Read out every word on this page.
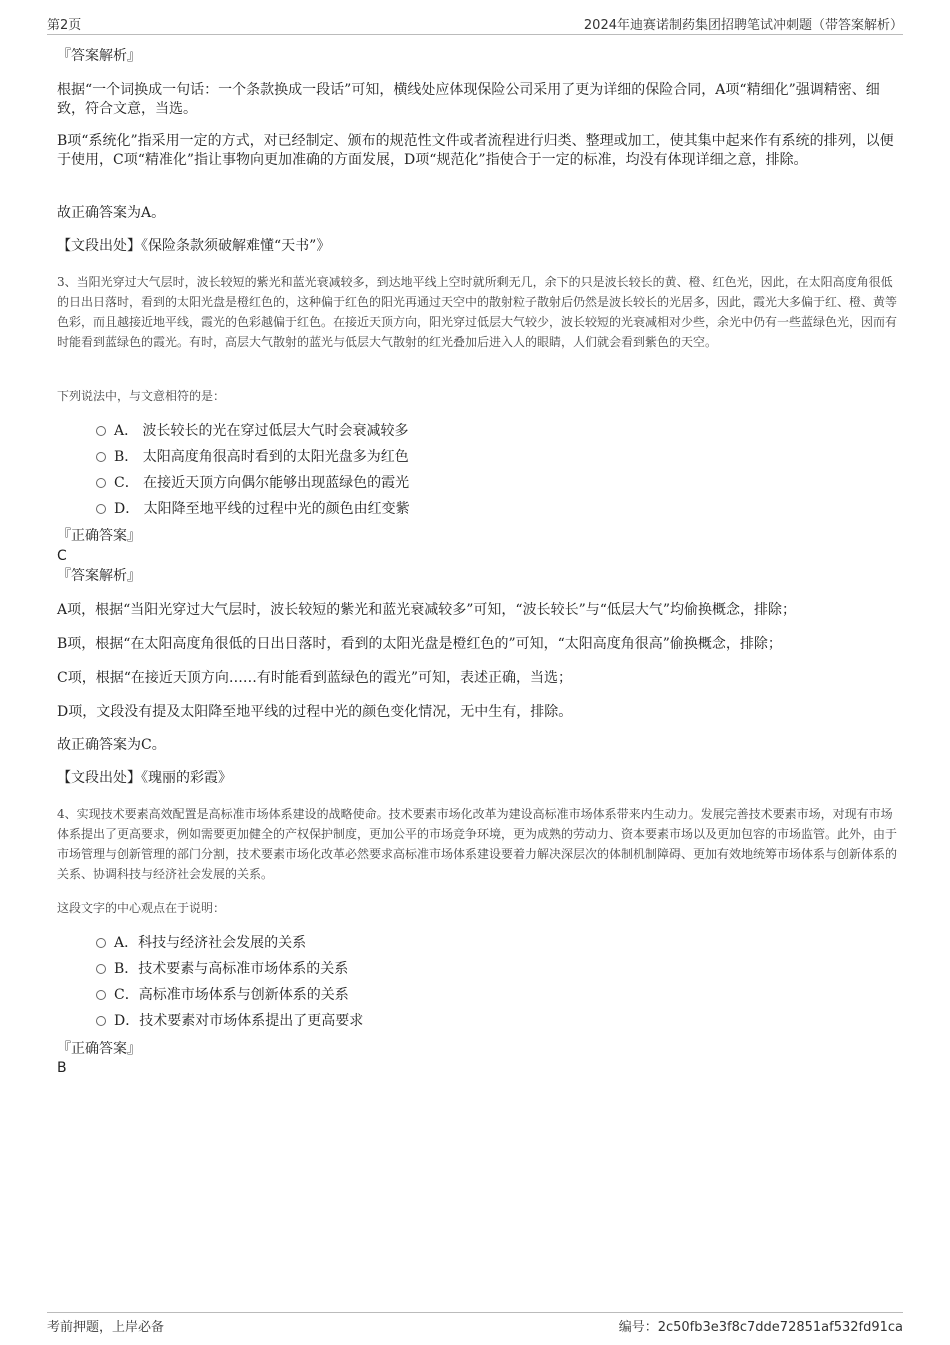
第2页	2024年迪赛诺制药集团招聘笔试冲刺题（带答案解析）
『答案解析』
根据“一个词换成一句话：一个条款换成一段话”可知，横线处应体现保险公司采用了更为详细的保险合同，A项“精细化”强调精密、细致，符合文意，当选。
B项“系统化”指采用一定的方式，对已经制定、颁布的规范性文件或者流程进行归类、整理或加工，使其集中起来作有系统的排列，以便于使用，C项“精准化”指让事物向更加准确的方面发展，D项“规范化”指使合于一定的标准，均没有体现详细之意，排除。
故正确答案为A。
【文段出处】《保险条款须破解难懂“天书”》
3、当阳光穿过大气层时，波长较短的紫光和蓝光衰减较多，到达地平线上空时就所剩无几，余下的只是波长较长的黄、橙、红色光，因此，在太阳高度角很低的日出日落时，看到的太阳光盘是橙红色的，这种偏于红色的阳光再通过天空中的散射粒子散射后仍然是波长较长的光居多，因此，霞光大多偏于红、橙、黄等色彩，而且越接近地平线，霞光的色彩越偏于红色。在接近天顶方向，阳光穿过低层大气较少，波长较短的光衰减相对少些，余光中仍有一些蓝绿色光，因而有时能看到蓝绿色的霞光。有时，高层大气散射的蓝光与低层大气散射的红光叠加后进入人的眼睛，人们就会看到紫色的天空。
下列说法中，与文意相符的是：
A． 波长较长的光在穿过低层大气时会衰减较多
B． 太阳高度角很高时看到的太阳光盘多为红色
C． 在接近天顶方向偶尔能够出现蓝绿色的霞光
D． 太阳降至地平线的过程中光的颜色由红变紫
『正确答案』
C
『答案解析』
A项，根据“当阳光穿过大气层时，波长较短的紫光和蓝光衰减较多”可知，“波长较长”与“低层大气”均偷换概念，排除；
B项，根据“在太阳高度角很低的日出日落时，看到的太阳光盘是橙红色的”可知，“太阳高度角很高”偷换概念，排除；
C项，根据“在接近天顶方向……有时能看到蓝绿色的霞光”可知，表述正确，当选；
D项，文段没有提及太阳降至地平线的过程中光的颜色变化情况，无中生有，排除。
故正确答案为C。
【文段出处】《瑰丽的彩霞》
4、实现技术要素高效配置是高标准市场体系建设的战略使命。技术要素市场化改革为建设高标准市场体系带来内生动力。发展完善技术要素市场，对现有市场体系提出了更高要求，例如需要更加健全的产权保护制度，更加公平的市场竞争环境，更为成熟的劳动力、资本要素市场以及更加包容的市场监管。此外，由于市场管理与创新管理的部门分割，技术要素市场化改革必然要求高标准市场体系建设要着力解决深层次的体制机制障碍、更加有效地统筹市场体系与创新体系的关系、协调科技与经济社会发展的关系。
这段文字的中心观点在于说明：
A．科技与经济社会发展的关系
B．技术要素与高标准市场体系的关系
C．高标准市场体系与创新体系的关系
D．技术要素对市场体系提出了更高要求
『正确答案』
B
考前押题，上岸必备	编号：2c50fb3e3f8c7dde72851af532fd91ca
